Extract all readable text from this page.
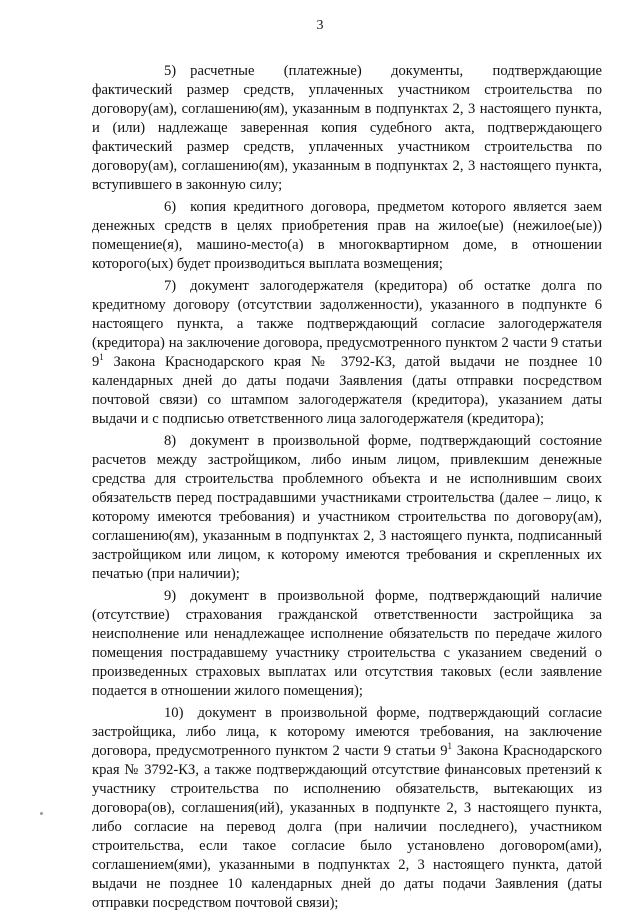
3

5) расчетные (платежные) документы, подтверждающие фактический размер средств, уплаченных участником строительства по договору(ам), соглашению(ям), указанным в подпунктах 2, 3 настоящего пункта, и (или) надлежаще заверенная копия судебного акта, подтверждающего фактический размер средств, уплаченных участником строительства по договору(ам), соглашению(ям), указанным в подпунктах 2, 3 настоящего пункта, вступившего в законную силу;

6) копия кредитного договора, предметом которого является заем денежных средств в целях приобретения прав на жилое(ые) (нежилое(ые)) помещение(я), машино-место(а) в многоквартирном доме, в отношении которого(ых) будет производиться выплата возмещения;

7) документ залогодержателя (кредитора) об остатке долга по кредитному договору (отсутствии задолженности), указанного в подпункте 6 настоящего пункта, а также подтверждающий согласие залогодержателя (кредитора) на заключение договора, предусмотренного пунктом 2 части 9 статьи $9^1$ Закона Краснодарского края № 3792-КЗ, датой выдачи не позднее 10 календарных дней до даты подачи Заявления (даты отправки посредством почтовой связи) со штампом залогодержателя (кредитора), указанием даты выдачи и с подписью ответственного лица залогодержателя (кредитора);

8) документ в произвольной форме, подтверждающий состояние расчетов между застройщиком, либо иным лицом, привлекшим денежные средства для строительства проблемного объекта и не исполнившим своих обязательств перед пострадавшими участниками строительства (далее – лицо, к которому имеются требования) и участником строительства по договору(ам), соглашению(ям), указанным в подпунктах 2, 3 настоящего пункта, подписанный застройщиком или лицом, к которому имеются требования и скрепленных их печатью (при наличии);

9) документ в произвольной форме, подтверждающий наличие (отсутствие) страхования гражданской ответственности застройщика за неисполнение или ненадлежащее исполнение обязательств по передаче жилого помещения пострадавшему участнику строительства с указанием сведений о произведенных страховых выплатах или отсутствия таковых (если заявление подается в отношении жилого помещения);

10) документ в произвольной форме, подтверждающий согласие застройщика, либо лица, к которому имеются требования, на заключение договора, предусмотренного пунктом 2 части 9 статьи $9^1$ Закона Краснодарского края № 3792-КЗ, а также подтверждающий отсутствие финансовых претензий к участнику строительства по исполнению обязательств, вытекающих из договора(ов), соглашения(ий), указанных в подпункте 2, 3 настоящего пункта, либо согласие на перевод долга (при наличии последнего), участником строительства, если такое согласие было установлено договором(ами), соглашением(ями), указанными в подпунктах 2, 3 настоящего пункта, датой выдачи не позднее 10 календарных дней до даты подачи Заявления (даты отправки посредством почтовой связи);
